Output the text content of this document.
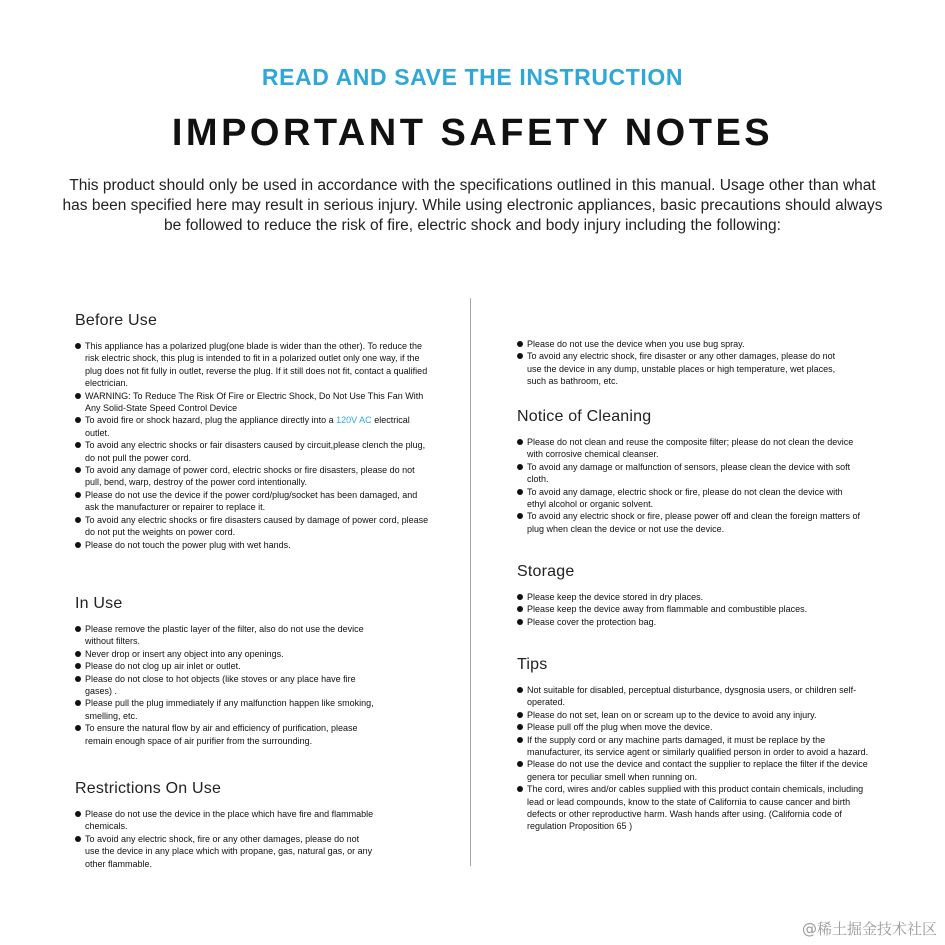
READ AND SAVE THE INSTRUCTION
IMPORTANT SAFETY NOTES
This product should only be used in accordance with the specifications outlined in this manual. Usage other than what has been specified here may result in serious injury. While using electronic appliances, basic precautions should always be followed to reduce the risk of fire, electric shock and body injury including the following:
Before Use
This appliance has a polarized plug(one blade is wider than the other). To reduce the risk electric shock, this plug is intended to fit in a polarized outlet only one way, if the plug does not fit fully in outlet, reverse the plug. If it still does not fit, contact a qualified electrician.
WARNING: To Reduce The Risk Of Fire or Electric Shock, Do Not Use This Fan With Any Solid-State Speed Control Device
To avoid fire or shock hazard, plug the appliance directly into a 120V AC electrical outlet.
To avoid any electric shocks or fair disasters caused by circuit,please clench the plug, do not pull the power cord.
To avoid any damage of power cord, electric shocks or fire disasters, please do not pull, bend, warp, destroy of the power cord intentionally.
Please do not use the device if the power cord/plug/socket has been damaged, and ask the manufacturer or repairer to replace it.
To avoid any electric shocks or fire disasters caused by damage of power cord, please do not put the weights on power cord.
Please do not touch the power plug with wet hands.
In Use
Please remove the plastic layer of the filter, also do not use the device without filters.
Never drop or insert any object into any openings.
Please do not clog up air inlet or outlet.
Please do not close to hot objects (like stoves or any place have fire gases) .
Please pull the plug immediately if any malfunction happen like smoking, smelling, etc.
To ensure the natural flow by air and efficiency of purification, please remain enough space of air purifier from the surrounding.
Restrictions On Use
Please do not use the device in the place which have fire and flammable chemicals.
To avoid any electric shock, fire or any other damages, please do not use the device in any place which with propane, gas, natural gas, or any other flammable.
Please do not use the device when you use bug spray.
To avoid any electric shock, fire disaster or any other damages, please do not use the device in any dump, unstable places or high temperature, wet places, such as bathroom, etc.
Notice of Cleaning
Please do not clean and reuse the composite filter; please do not clean the device with corrosive chemical cleanser.
To avoid any damage or malfunction of sensors, please clean the device with soft cloth.
To avoid any damage, electric shock or fire, please do not clean the device with ethyl alcohol or organic solvent.
To avoid any electric shock or fire, please power off and clean the foreign matters of plug when clean the device or not use the device.
Storage
Please keep the device stored in dry places.
Please keep the device away from flammable and combustible places.
Please cover the protection bag.
Tips
Not suitable for disabled, perceptual disturbance, dysgnosia users, or children self-operated.
Please do not set, lean on or scream up to the device to avoid any injury.
Please pull off the plug when move the device.
If the supply cord or any machine parts damaged, it must be replace by the manufacturer, its service agent or similarly qualified person in order to avoid a hazard.
Please do not use the device and contact the supplier to replace the filter if the device genera tor peculiar smell when running on.
The cord, wires and/or cables supplied with this product contain chemicals, including lead or lead compounds, know to the state of California to cause cancer and birth defects or other reproductive harm. Wash hands after using. (California code of regulation Proposition 65 )
@稀土掘金技术社区
